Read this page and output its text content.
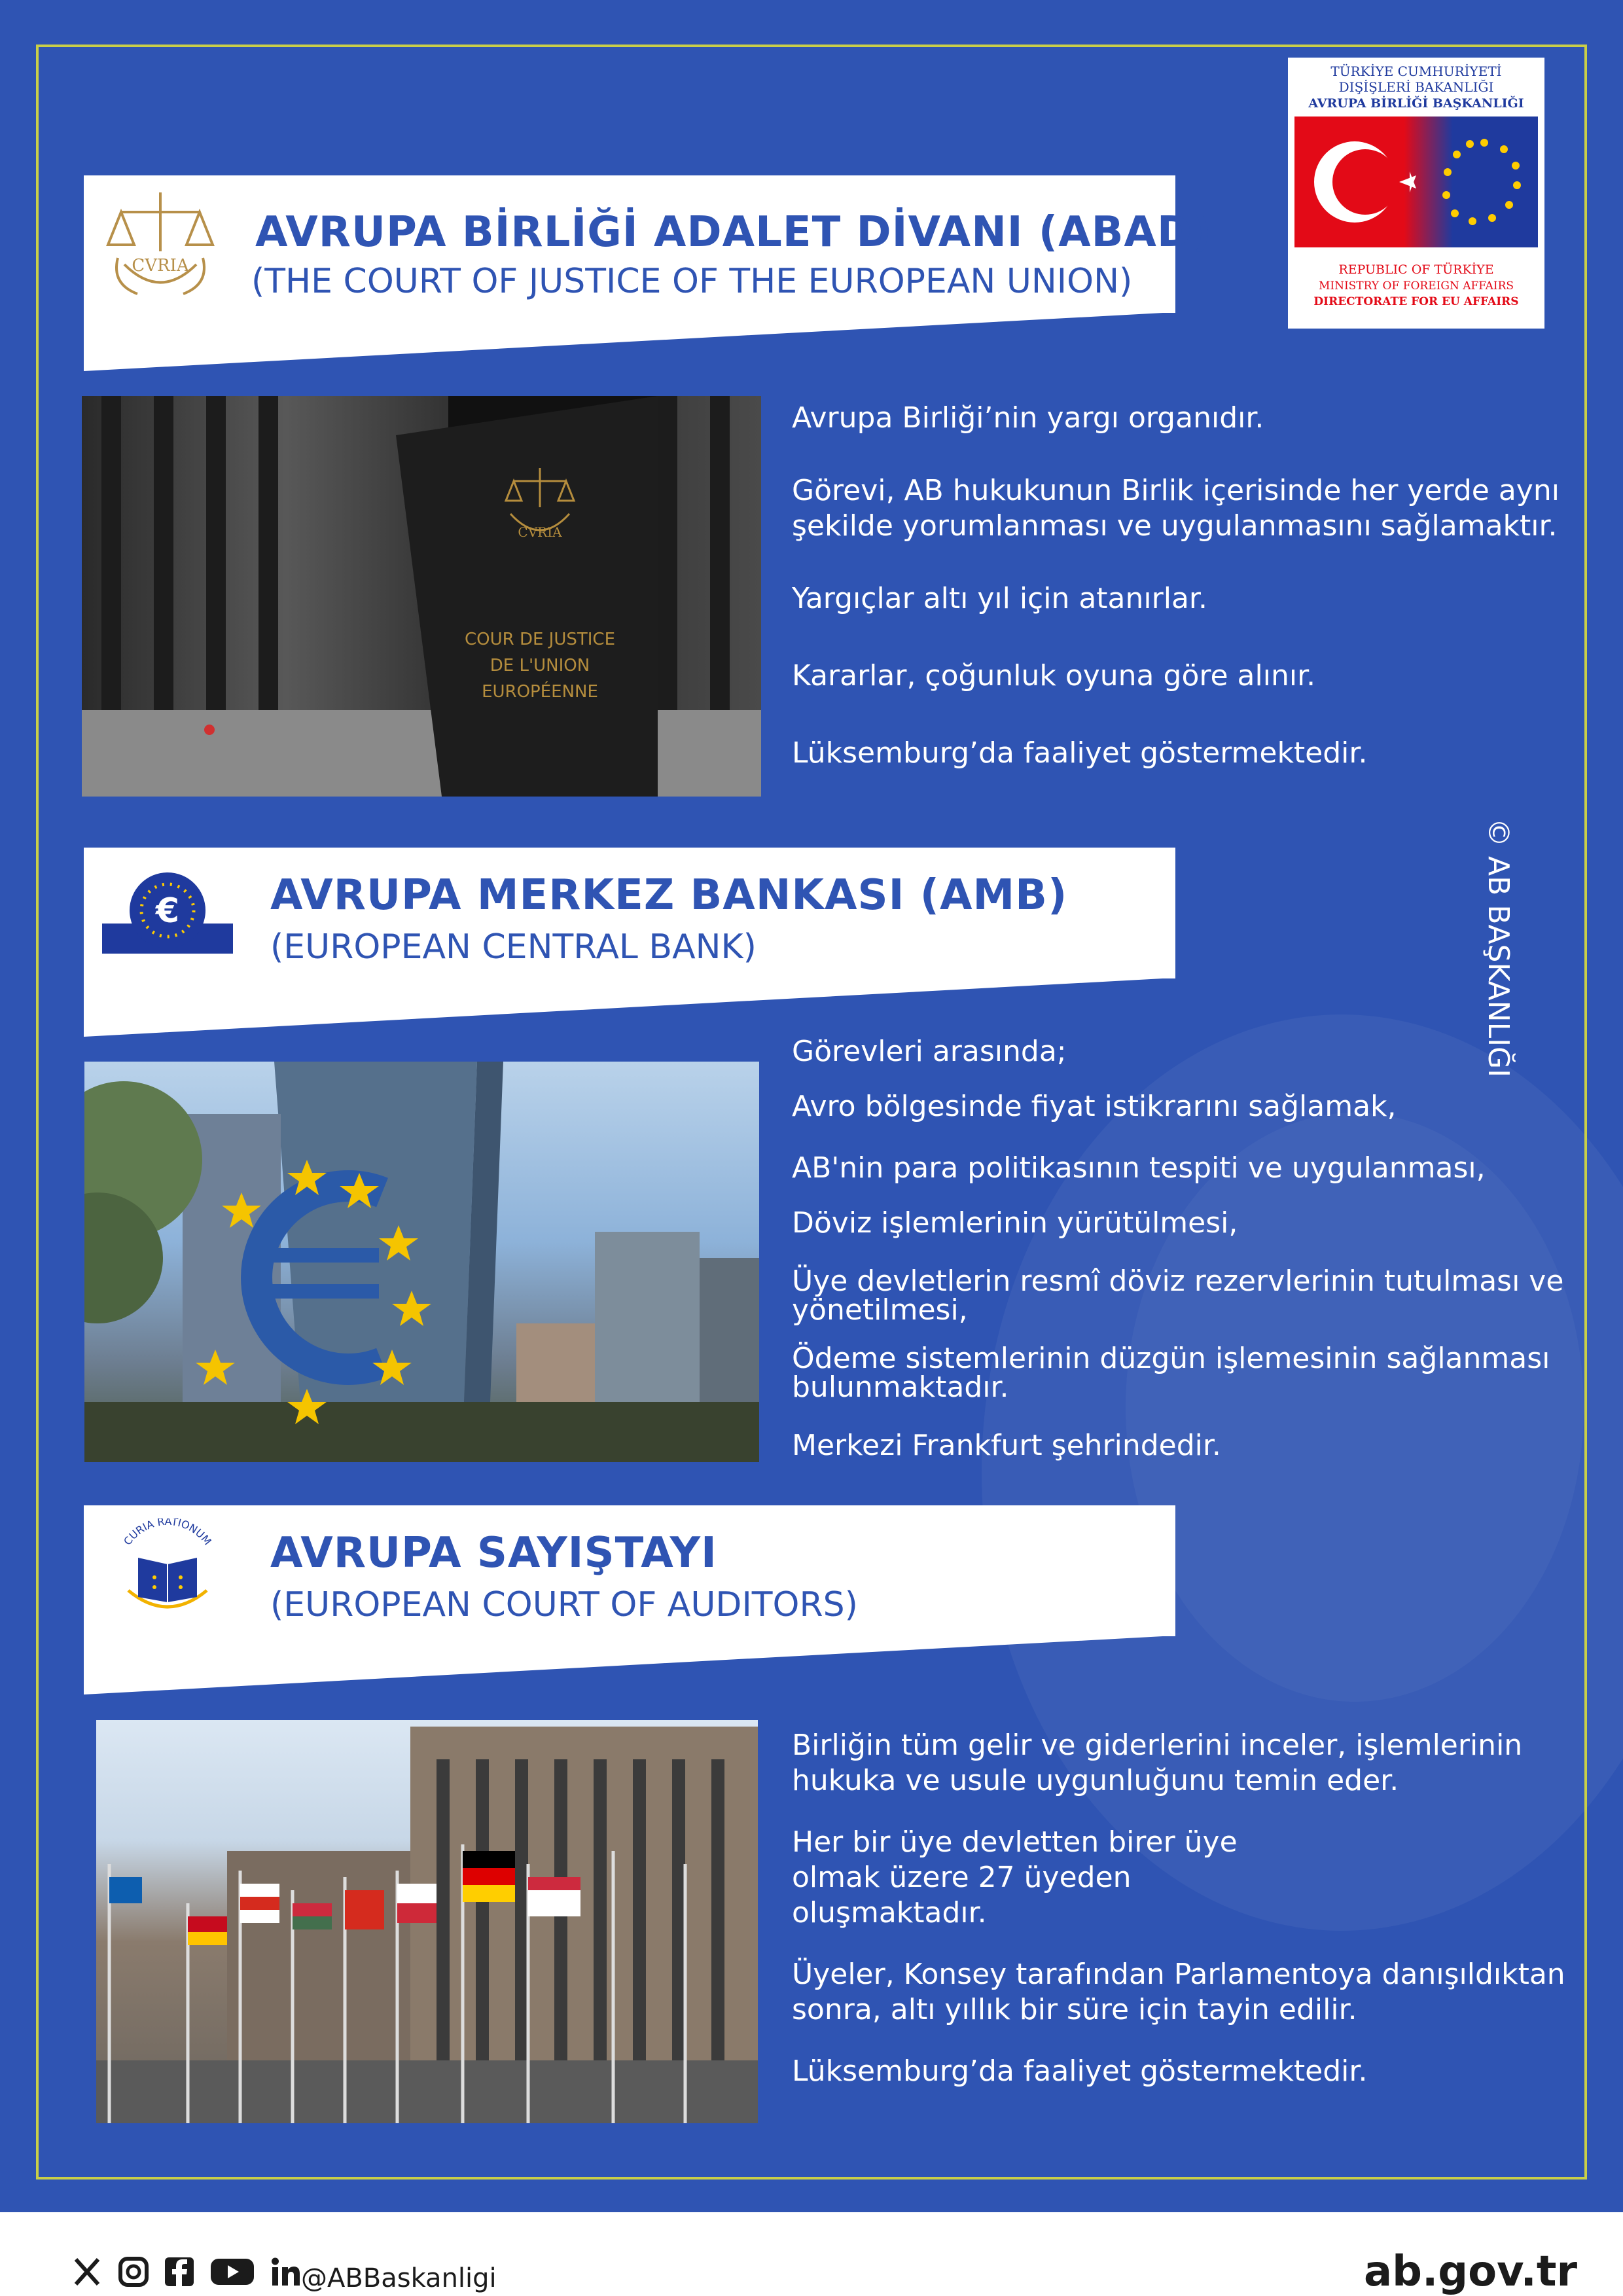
TÜRKİYE CUMHURİYETİ
DIŞİŞLERİ BAKANLIĞI
AVRUPA BİRLİĞİ BAŞKANLIĞI
REPUBLIC OF TÜRKİYE
MINISTRY OF FOREIGN AFFAIRS
DIRECTORATE FOR EU AFFAIRS
© AB BAŞKANLIĞI
CVRIA
AVRUPA BİRLİĞİ ADALET DİVANI (ABAD)
(THE COURT OF JUSTICE OF THE EUROPEAN UNION)
CVRIA
COUR DE JUSTICE
DE L'UNION
EUROPÉENNE

Avrupa Birliği’nin yargı organıdır.

Görevi, AB hukukunun Birlik içerisinde her yerde aynı şekilde yorumlanması ve uygulanmasını sağlamaktır.

Yargıçlar altı yıl için atanırlar.

Kararlar, çoğunluk oyuna göre alınır.

Lüksemburg’da faaliyet göstermektedir.

€ AVRUPA MERKEZ BANKASI (AMB)
(EUROPEAN CENTRAL BANK)

Görevleri arasında;

Avro bölgesinde fiyat istikrarını sağlamak,

AB'nin para politikasının tespiti ve uygulanması,

Döviz işlemlerinin yürütülmesi,

Üye devletlerin resmî döviz rezervlerinin tutulması ve yönetilmesi,

Ödeme sistemlerinin düzgün işlemesinin sağlanması bulunmaktadır.

Merkezi Frankfurt şehrindedir.

CURIA RATIONUM AVRUPA SAYIŞTAYI
(EUROPEAN COURT OF AUDITORS)

Birliğin tüm gelir ve giderlerini inceler, işlemlerinin hukuka ve usule uygunluğunu temin eder.

Her bir üye devletten birer üye olmak üzere 27 üyeden oluşmaktadır.

Üyeler, Konsey tarafından Parlamentoya danışıldıktan sonra, altı yıllık bir süre için tayin edilir.

Lüksemburg’da faaliyet göstermektedir.

@ABBaskanligi	ab.gov.tr
